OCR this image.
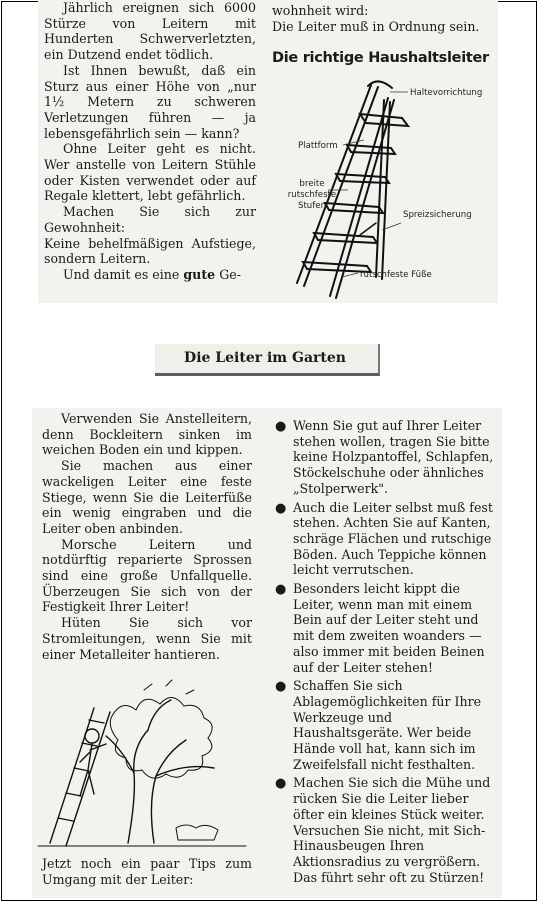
Jährlich ereignen sich 6000 Stürze von Leitern mit Hunderten Schwerverletzten, ein Dutzend endet tödlich.

Ist Ihnen bewußt, daß ein Sturz aus einer Höhe von „nur 1½ Metern zu schweren Verletzungen führen — ja lebensgefährlich sein — kann?

Ohne Leiter geht es nicht. Wer anstelle von Leitern Stühle oder Kisten verwendet oder auf Regale klettert, lebt gefährlich.

Machen Sie sich zur Gewohnheit:

Keine behelfmäßigen Aufstiege, sondern Leitern.

Und damit es eine gute Ge-

wohnheit wird:

Die Leiter muß in Ordnung sein.

Die richtige Haushaltsleiter
Haltevorrichtung
Plattform
breite
rutschfeste
Stufen
Spreizsicherung
rutschfeste Füße
Die Leiter im Garten

Verwenden Sie Anstelleitern, denn Bockleitern sinken im weichen Boden ein und kippen.

Sie machen aus einer wackeligen Leiter eine feste Stiege, wenn Sie die Leiterfüße ein wenig eingraben und die Leiter oben anbinden.

Morsche Leitern und notdürftig reparierte Sprossen sind eine große Unfallquelle. Überzeugen Sie sich von der Festigkeit Ihrer Leiter!

Hüten Sie sich vor Stromleitungen, wenn Sie mit einer Metalleiter hantieren.

Jetzt noch ein paar Tips zum Umgang mit der Leiter:
● Wenn Sie gut auf Ihrer Leiter stehen wollen, tragen Sie bitte keine Holzpantoffel, Schlapfen, Stöckelschuhe oder ähnliches „Stolperwerk".
● Auch die Leiter selbst muß fest stehen. Achten Sie auf Kanten, schräge Flächen und rutschige Böden. Auch Teppiche können leicht verrutschen.
● Besonders leicht kippt die Leiter, wenn man mit einem Bein auf der Leiter steht und mit dem zweiten woanders — also immer mit beiden Beinen auf der Leiter stehen!
● Schaffen Sie sich Ablagemöglichkeiten für Ihre Werkzeuge und Haushaltsgeräte. Wer beide Hände voll hat, kann sich im Zweifelsfall nicht festhalten.
● Machen Sie sich die Mühe und rücken Sie die Leiter lieber öfter ein kleines Stück weiter. Versuchen Sie nicht, mit Sich-Hinausbeugen Ihren Aktionsradius zu vergrößern. Das führt sehr oft zu Stürzen!
